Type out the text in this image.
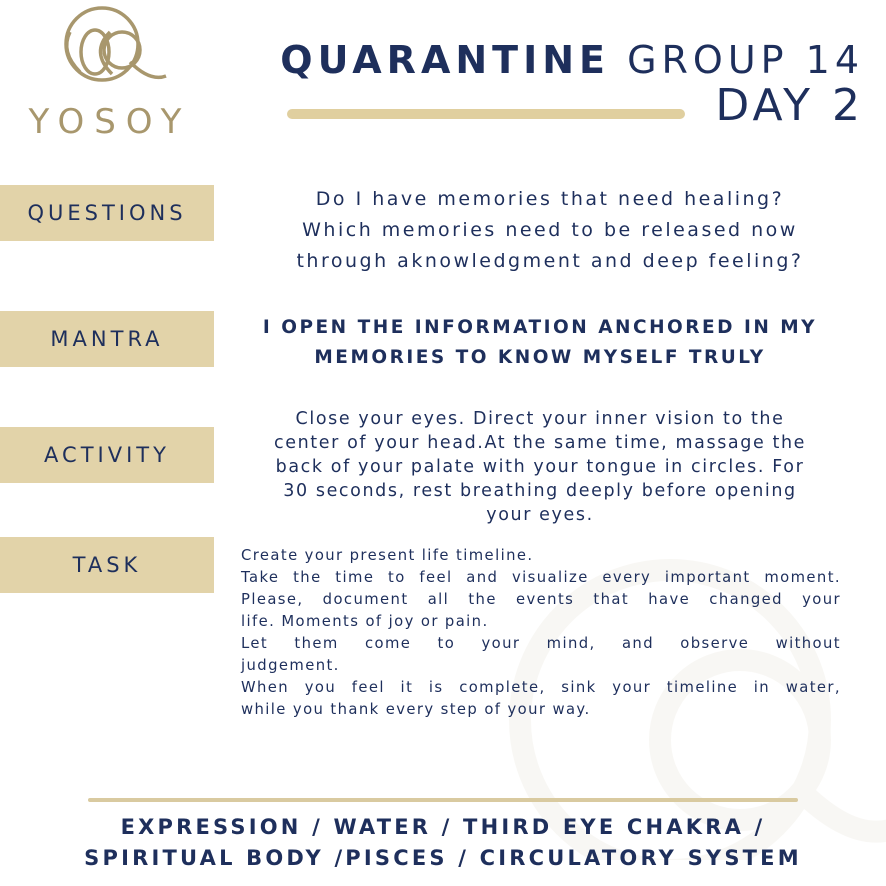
YOSOY
QUARANTINE GROUP 14
DAY 2
QUESTIONS
MANTRA
ACTIVITY
TASK
Do I have memories that need healing?
Which memories need to be released now
through aknowledgment and deep feeling?
I OPEN THE INFORMATION ANCHORED IN MY
MEMORIES TO KNOW MYSELF TRULY
Close your eyes. Direct your inner vision to the
center of your head.At the same time, massage the
back of your palate with your tongue in circles. For
30 seconds, rest breathing deeply before opening
your eyes.
Create your present life timeline.
Take the time to feel and visualize every important moment.
Please, document all the events that have changed your
life. Moments of joy or pain.
Let them come to your mind, and observe without
judgement.
When you feel it is complete, sink your timeline in water,
while you thank every step of your way.
EXPRESSION / WATER / THIRD EYE CHAKRA /
SPIRITUAL BODY /PISCES / CIRCULATORY SYSTEM
